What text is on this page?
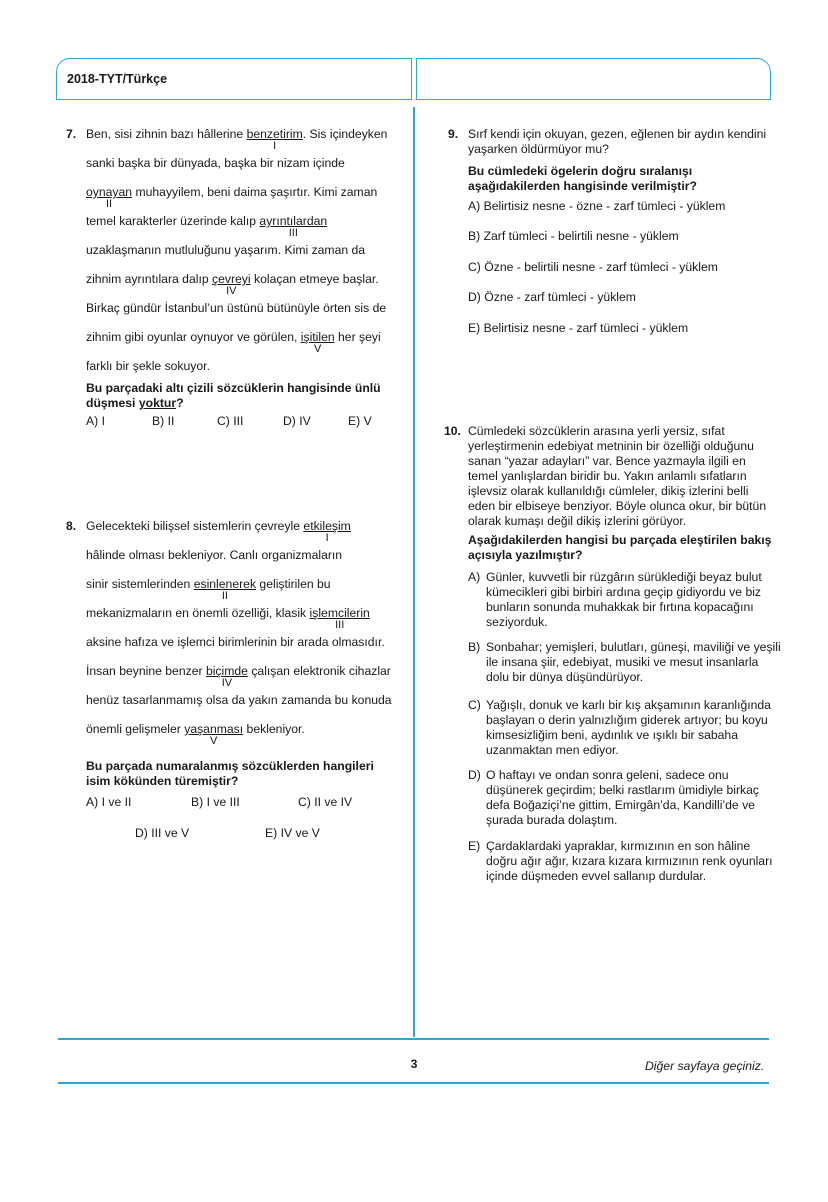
2018-TYT/Türkçe
7. Ben, sisi zihnin bazı hâllerine benzetirim
I
. Sis içindeyken
sanki başka bir dünyada, başka bir nizam içinde
oynayan
II
muhayyilem, beni daima şaşırtır. Kimi zaman
temel karakterler üzerinde kalıp ayrıntılardan
III
uzaklaşmanın mutluluğunu yaşarım. Kimi zaman da
zihnim ayrıntılara dalıp çevreyi
IV
kolaçan etmeye başlar.
Birkaç gündür İstanbul’un üstünü bütünüyle örten sis de
zihnim gibi oyunlar oynuyor ve görülen, işitilen
V
her şeyi
farklı bir şekle sokuyor.
Bu parçadaki altı çizili sözcüklerin hangisinde ünlü
düşmesi yoktur?
A) I	B) II	C) III	D) IV	E) V
8. Gelecekteki bilişsel sistemlerin çevreyle etkileşim
I
hâlinde olması bekleniyor. Canlı organizmaların
sinir sistemlerinden esinlenerek
II
geliştirilen bu
mekanizmaların en önemli özelliği, klasik işlemcilerin
III
aksine hafıza ve işlemci birimlerinin bir arada olmasıdır.
İnsan beynine benzer biçimde
IV
çalışan elektronik cihazlar
henüz tasarlanmamış olsa da yakın zamanda bu konuda
önemli gelişmeler yaşanması
V
bekleniyor.
Bu parçada numaralanmış sözcüklerden hangileri
isim kökünden türemiştir?
A) I ve II	B) I ve III	C) II ve IV
D) III ve V	E) IV ve V
9. Sırf kendi için okuyan, gezen, eğlenen bir aydın kendini
yaşarken öldürmüyor mu?
Bu cümledeki ögelerin doğru sıralanışı
aşağıdakilerden hangisinde verilmiştir?
A) Belirtisiz nesne - özne - zarf tümleci - yüklem
B) Zarf tümleci - belirtili nesne - yüklem
C) Özne - belirtili nesne - zarf tümleci - yüklem
D) Özne - zarf tümleci - yüklem
E) Belirtisiz nesne - zarf tümleci - yüklem
10. Cümledeki sözcüklerin arasına yerli yersiz, sıfat
yerleştirmenin edebiyat metninin bir özelliği olduğunu
sanan “yazar adayları” var. Bence yazmayla ilgili en
temel yanlışlardan biridir bu. Yakın anlamlı sıfatların
işlevsiz olarak kullanıldığı cümleler, dikiş izlerini belli
eden bir elbiseye benziyor. Böyle olunca okur, bir bütün
olarak kumaşı değil dikiş izlerini görüyor.
Aşağıdakilerden hangisi bu parçada eleştirilen bakış
açısıyla yazılmıştır?
A) Günler, kuvvetli bir rüzgârın sürüklediği beyaz bulut
kümecikleri gibi birbiri ardına geçip gidiyordu ve biz
bunların sonunda muhakkak bir fırtına kopacağını
seziyorduk.
B) Sonbahar; yemişleri, bulutları, güneşi, maviliği ve yeşili
ile insana şiir, edebiyat, musiki ve mesut insanlarla
dolu bir dünya düşündürüyor.
C) Yağışlı, donuk ve karlı bir kış akşamının karanlığında
başlayan o derin yalnızlığım giderek artıyor; bu koyu
kimsesizliğim beni, aydınlık ve ışıklı bir sabaha
uzanmaktan men ediyor.
D) O haftayı ve ondan sonra geleni, sadece onu
düşünerek geçirdim; belki rastlarım ümidiyle birkaç
defa Boğaziçi’ne gittim, Emirgân’da, Kandilli’de ve
şurada burada dolaştım.
E) Çardaklardaki yapraklar, kırmızının en son hâline
doğru ağır ağır, kızara kızara kırmızının renk oyunları
içinde düşmeden evvel sallanıp durdular.
3	Diğer sayfaya geçiniz.
